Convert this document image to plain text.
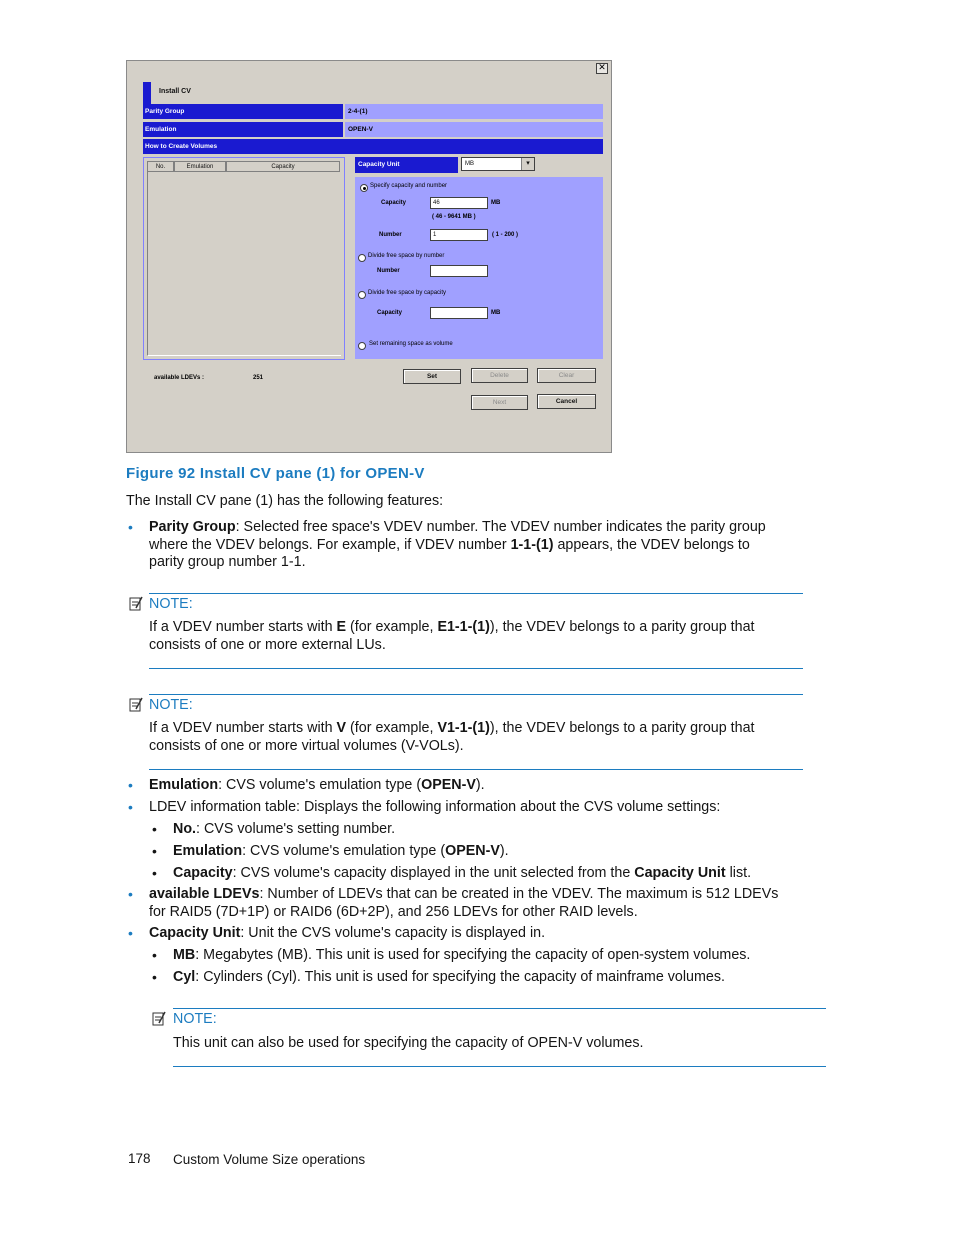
✕
Install CV
Parity Group	2-4-(1)
Emulation	OPEN-V
How to Create Volumes
No.	Emulation	Capacity	Capacity Unit	MB	▾
Specify capacity and number
Capacity	46	MB
( 46 - 9641 MB )
Number	1	( 1 - 200 )
Divide free space by number
Number
Divide free space by capacity
Capacity	MB
Set remaining space as volume
available LDEVs :	251	Set	Delete	Clear
Next	Cancel
Figure 92 Install CV pane (1) for OPEN-V
The Install CV pane (1) has the following features:
• Parity Group: Selected free space's VDEV number. The VDEV number indicates the parity group
where the VDEV belongs. For example, if VDEV number 1-1-(1) appears, the VDEV belongs to
parity group number 1-1.
NOTE:
If a VDEV number starts with E (for example, E1-1-(1)), the VDEV belongs to a parity group that
consists of one or more external LUs.
NOTE:
If a VDEV number starts with V (for example, V1-1-(1)), the VDEV belongs to a parity group that
consists of one or more virtual volumes (V-VOLs).
• Emulation: CVS volume's emulation type (OPEN-V).
• LDEV information table: Displays the following information about the CVS volume settings:
• No.: CVS volume's setting number.
• Emulation: CVS volume's emulation type (OPEN-V).
• Capacity: CVS volume's capacity displayed in the unit selected from the Capacity Unit list.
• available LDEVs: Number of LDEVs that can be created in the VDEV. The maximum is 512 LDEVs
for RAID5 (7D+1P) or RAID6 (6D+2P), and 256 LDEVs for other RAID levels.
• Capacity Unit: Unit the CVS volume's capacity is displayed in.
• MB: Megabytes (MB). This unit is used for specifying the capacity of open-system volumes.
• Cyl: Cylinders (Cyl). This unit is used for specifying the capacity of mainframe volumes.
NOTE:
This unit can also be used for specifying the capacity of OPEN-V volumes.
178 Custom Volume Size operations
